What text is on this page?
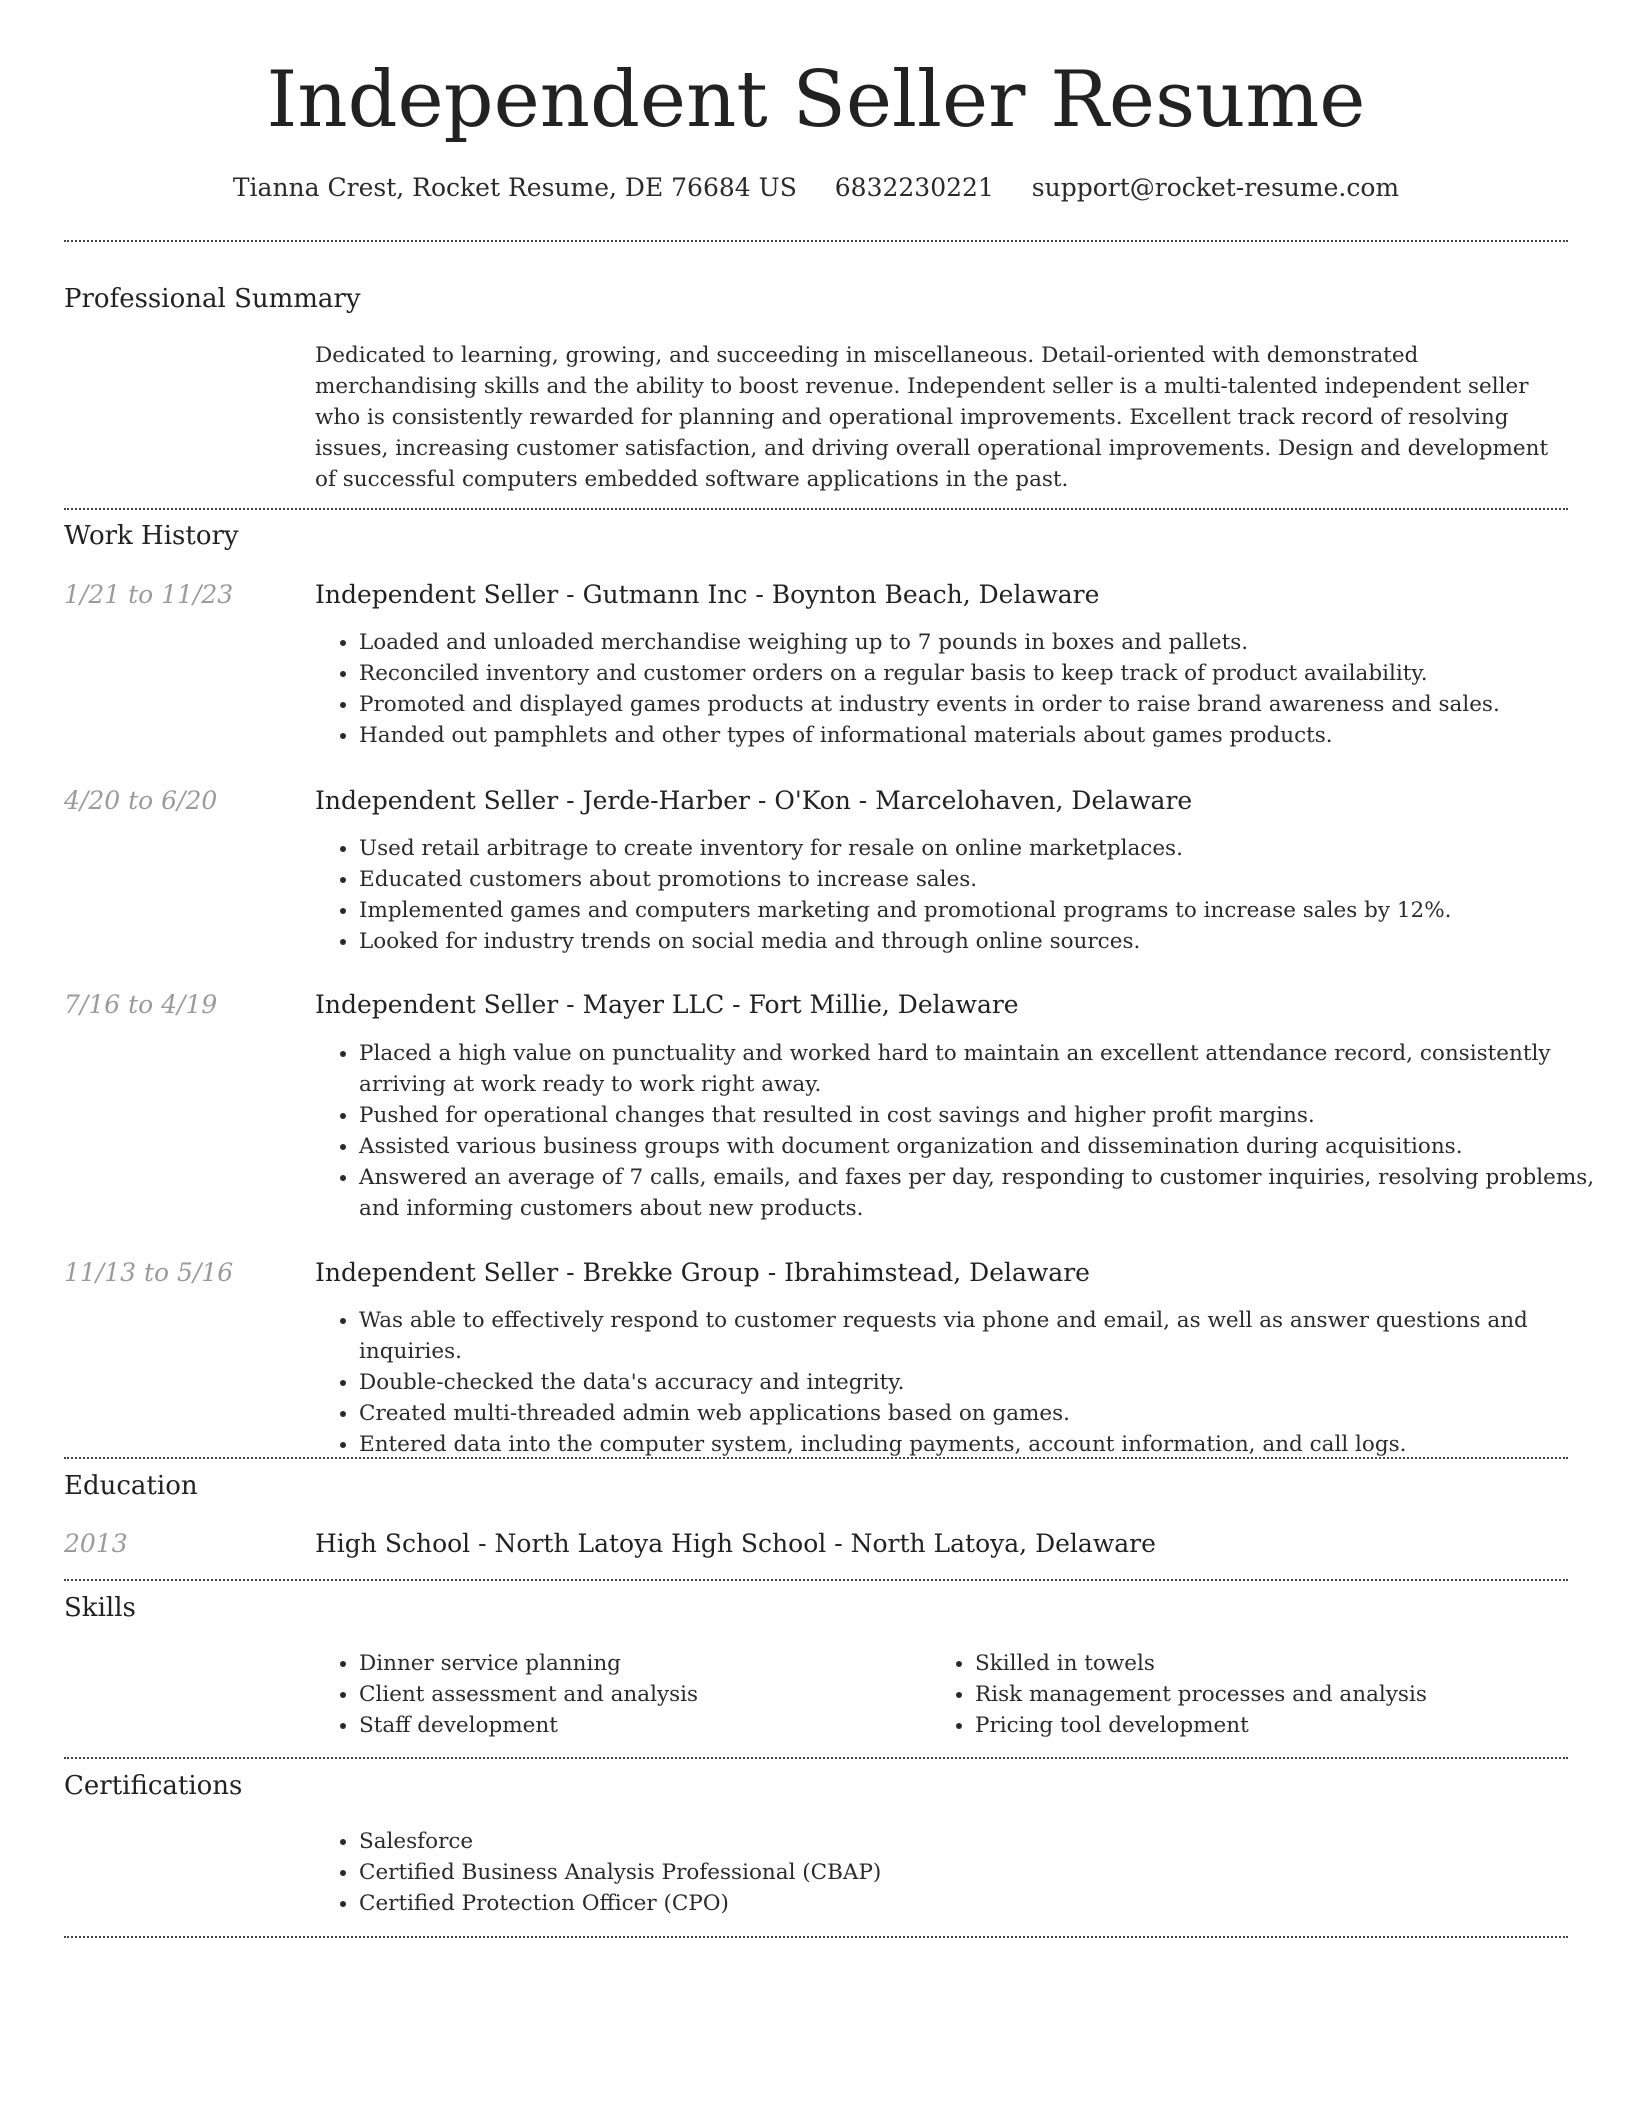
Independent Seller Resume
Tianna Crest, Rocket Resume, DE 76684 US 6832230221 support@rocket-resume.com
Professional Summary

Dedicated to learning, growing, and succeeding in miscellaneous. Detail-oriented with demonstrated merchandising skills and the ability to boost revenue. Independent seller is a multi-talented independent seller who is consistently rewarded for planning and operational improvements. Excellent track record of resolving issues, increasing customer satisfaction, and driving overall operational improvements. Design and development of successful computers embedded software applications in the past.

Work History
1/21 to 11/23	Independent Seller - Gutmann Inc - Boynton Beach, Delaware
• Loaded and unloaded merchandise weighing up to 7 pounds in boxes and pallets.
• Reconciled inventory and customer orders on a regular basis to keep track of product availability.
• Promoted and displayed games products at industry events in order to raise brand awareness and sales.
• Handed out pamphlets and other types of informational materials about games products.
4/20 to 6/20	Independent Seller - Jerde-Harber - O'Kon - Marcelohaven, Delaware
• Used retail arbitrage to create inventory for resale on online marketplaces.
• Educated customers about promotions to increase sales.
• Implemented games and computers marketing and promotional programs to increase sales by 12%.
• Looked for industry trends on social media and through online sources.
7/16 to 4/19	Independent Seller - Mayer LLC - Fort Millie, Delaware
• Placed a high value on punctuality and worked hard to maintain an excellent attendance record, consistently arriving at work ready to work right away.
• Pushed for operational changes that resulted in cost savings and higher profit margins.
• Assisted various business groups with document organization and dissemination during acquisitions.
• Answered an average of 7 calls, emails, and faxes per day, responding to customer inquiries, resolving problems, and informing customers about new products.
11/13 to 5/16	Independent Seller - Brekke Group - Ibrahimstead, Delaware
• Was able to effectively respond to customer requests via phone and email, as well as answer questions and inquiries.
• Double-checked the data's accuracy and integrity.
• Created multi-threaded admin web applications based on games.
• Entered data into the computer system, including payments, account information, and call logs.
Education
2013	High School - North Latoya High School - North Latoya, Delaware
Skills
• Dinner service planning
• Client assessment and analysis
• Staff development
• Skilled in towels
• Risk management processes and analysis
• Pricing tool development
Certifications
• Salesforce
• Certified Business Analysis Professional (CBAP)
• Certified Protection Officer (CPO)
